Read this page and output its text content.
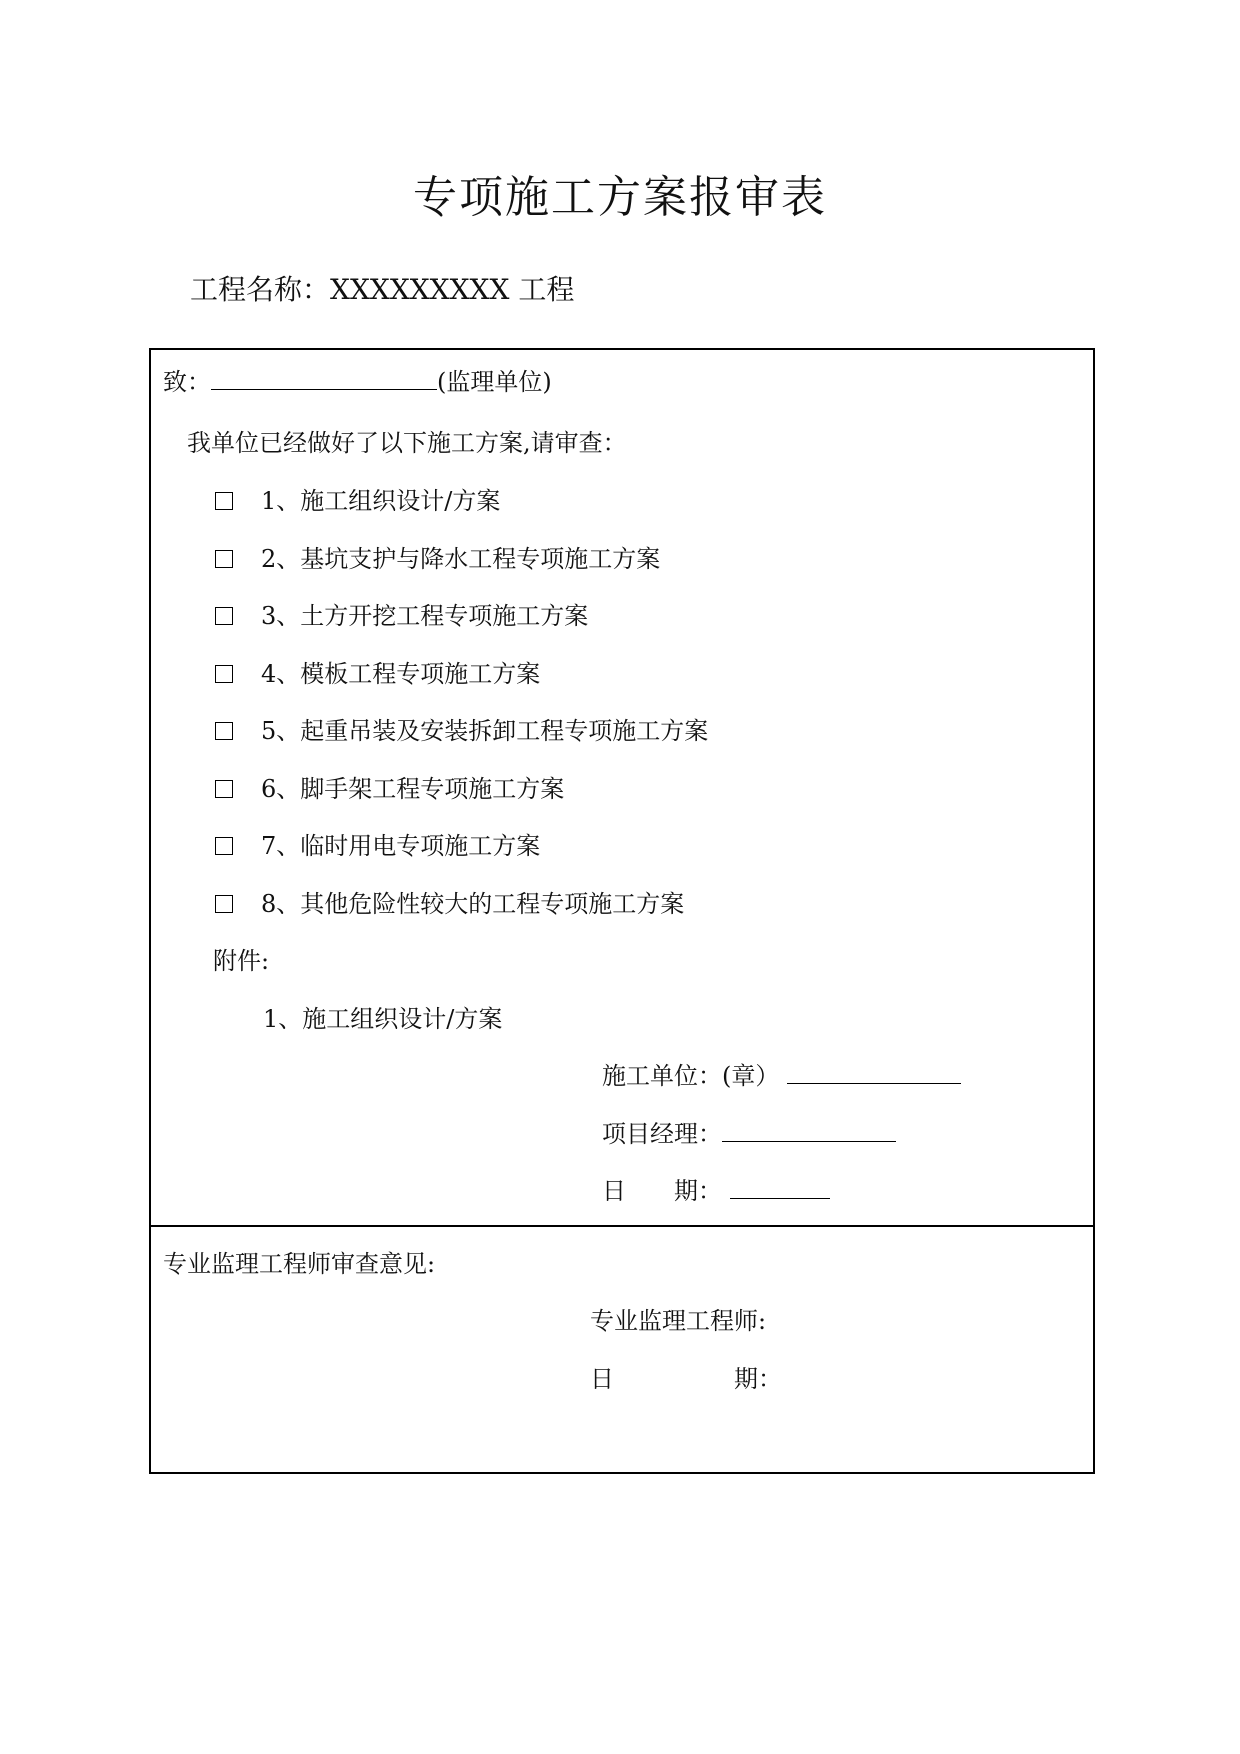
专项施工方案报审表
工程名称：XXXXXXXXX 工程
致：	(监理单位)
我单位已经做好了以下施工方案,请审查：
1、施工组织设计/方案
2、基坑支护与降水工程专项施工方案
3、土方开挖工程专项施工方案
4、模板工程专项施工方案
5、起重吊装及安装拆卸工程专项施工方案
6、脚手架工程专项施工方案
7、临时用电专项施工方案
8、其他危险性较大的工程专项施工方案
附件:
1、施工组织设计/方案
施工单位：(章）
项目经理：
日　　期：
专业监理工程师审查意见:
专业监理工程师:
日　　　　　期：
